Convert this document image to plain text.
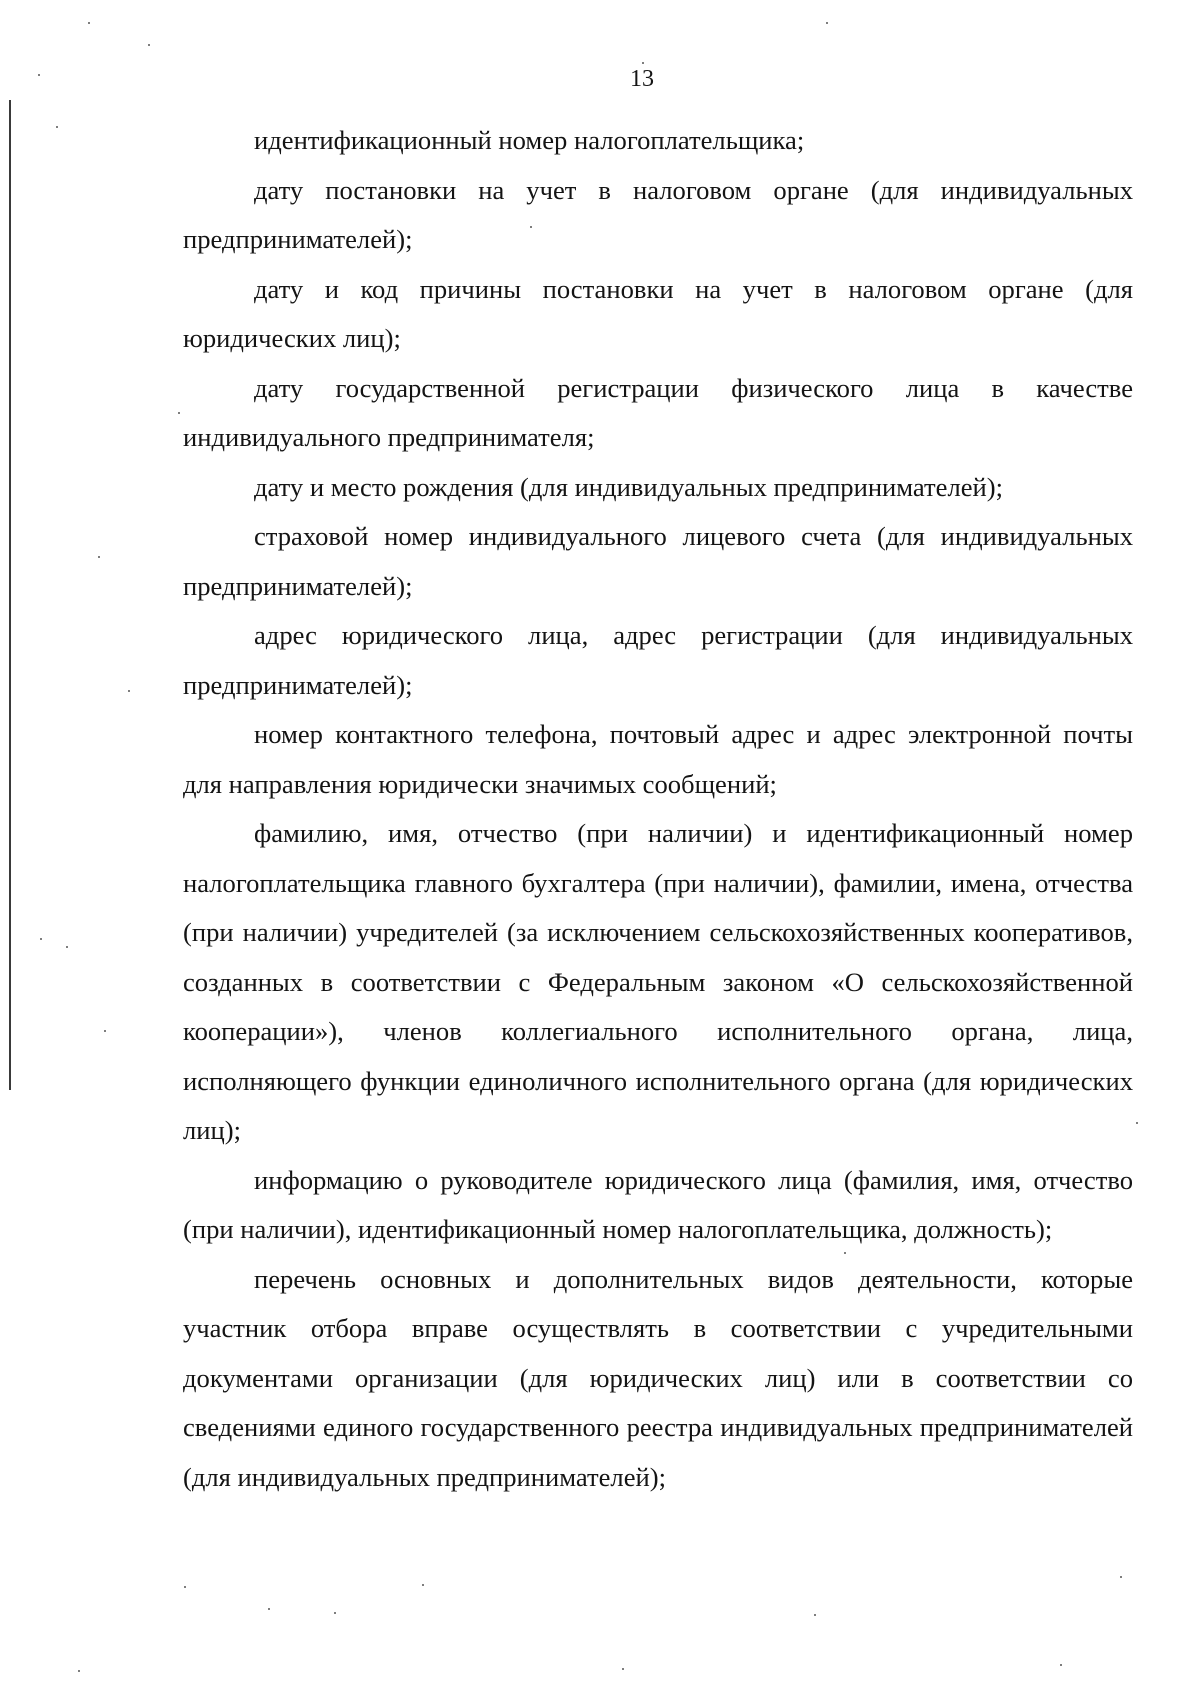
13

идентификационный номер налогоплательщика;

дату постановки на учет в налоговом органе (для индивидуальных предпринимателей);

дату и код причины постановки на учет в налоговом органе (для юридических лиц);

дату государственной регистрации физического лица в качестве индивидуального предпринимателя;

дату и место рождения (для индивидуальных предпринимателей);

страховой номер индивидуального лицевого счета (для индивидуальных предпринимателей);

адрес юридического лица, адрес регистрации (для индивидуальных предпринимателей);

номер контактного телефона, почтовый адрес и адрес электронной почты для направления юридически значимых сообщений;

фамилию, имя, отчество (при наличии) и идентификационный номер налогоплательщика главного бухгалтера (при наличии), фамилии, имена, отчества (при наличии) учредителей (за исключением сельскохозяйственных кооперативов, созданных в соответствии с Федеральным законом «О сельскохозяйственной кооперации»), членов коллегиального исполнительного органа, лица, исполняющего функции единоличного исполнительного органа (для юридических лиц);

информацию о руководителе юридического лица (фамилия, имя, отчество (при наличии), идентификационный номер налогоплательщика, должность);

перечень основных и дополнительных видов деятельности, которые участник отбора вправе осуществлять в соответствии с учредительными документами организации (для юридических лиц) или в соответствии со сведениями единого государственного реестра индивидуальных предпринимателей (для индивидуальных предпринимателей);
